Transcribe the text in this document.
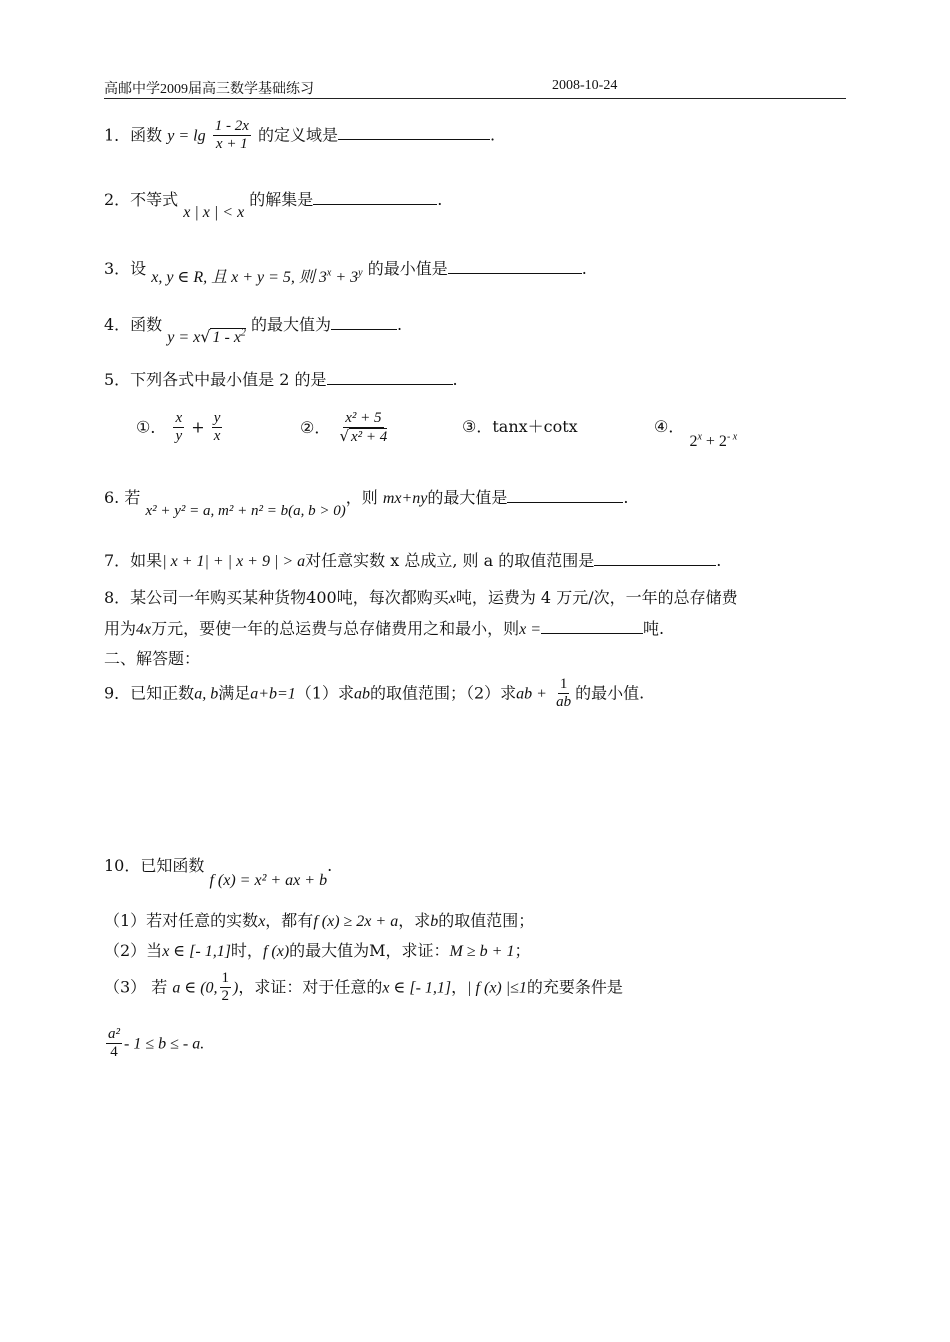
高邮中学2009届高三数学基础练习	2008-10-24
1．函数 $y = \lg \frac{1 - 2x}{x + 1}$ 的定义域是	.
2．不等式 x | x | < x 的解集是	.
3．设 x, y ∈ R, 且 x + y = 5, 则 $3^x + 3^y$ 的最小值是	.
4．函数 y = x√ $1 - x^2$ 的最大值为	.
5．下列各式中最小值是 2 的是	.
①． $\frac{x}{y} + \frac{y}{x}$	②． $\frac{\text{x² + 5}}{\text{√ x² + 4}}$	③．tanx＋cotx	④． $2^x + 2^{- x}$
6. 若 x² + y² = a, m² + n² = b(a, b > 0)，则 mx+ny的最大值是	.
7．如果| x + 1| + | x + 9 | > a对任意实数 x 总成立, 则 a 的取值范围是	.
8．某公司一年购买某种货物400吨，每次都购买x吨，运费为 4 万元/次，一年的总存储费
用为4x万元，要使一年的总运费与总存储费用之和最小，则x =	吨.
二、解答题：
9．已知正数a, b满足a+b=1（1）求ab的取值范围；（2）求ab + $\frac{1}{ab}$ 的最小值.
10．已知函数 f (x) = x² + ax + b.
（1）若对任意的实数x，都有f (x) ≥ 2x + a，求b的取值范围；
（2）当x ∈ [- 1,1]时，f (x)的最大值为M，求证：M ≥ b + 1；
（3） 若 a ∈ (0, $\frac{1}{2}$ )，求证：对于任意的x ∈ [- 1,1]，| f (x) |≤1的充要条件是
$\frac{\text{a²}}{4} - 1 \le b$ ≤ - a.
